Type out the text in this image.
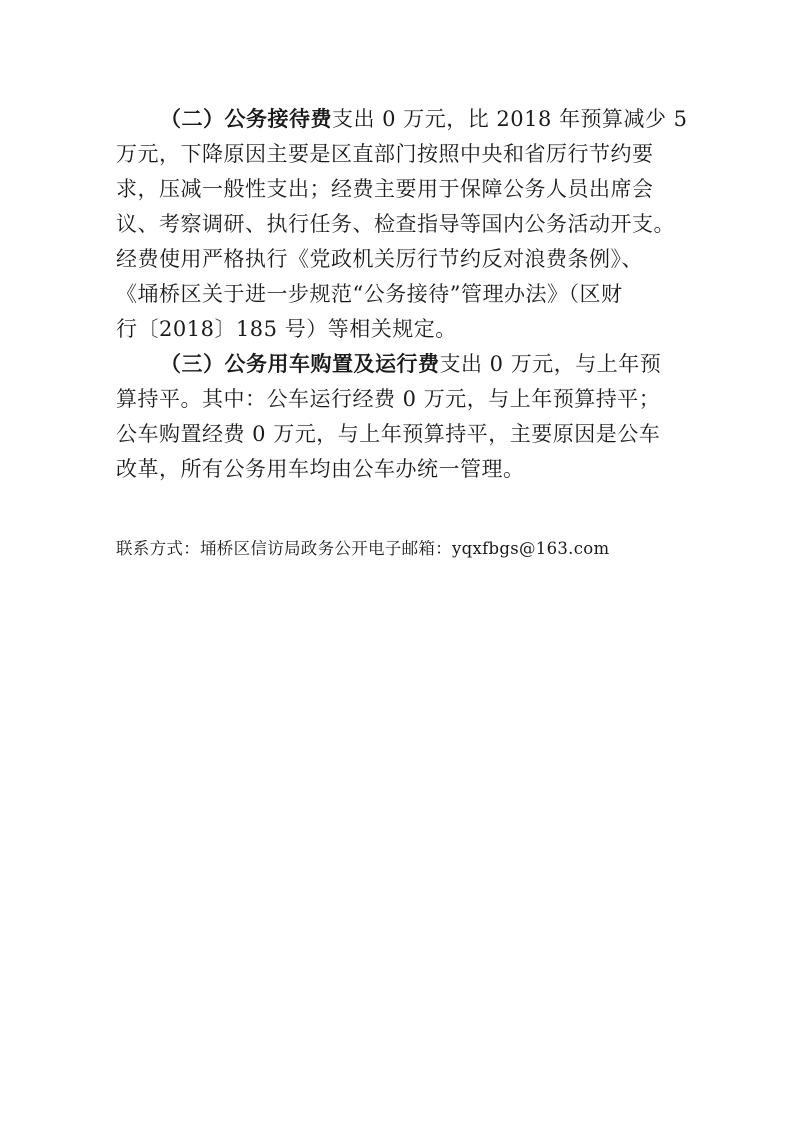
（二）公务接待费支出 0 万元，比 2018 年预算减少 5
万元，下降原因主要是区直部门按照中央和省厉行节约要
求，压减一般性支出；经费主要用于保障公务人员出席会
议、考察调研、执行任务、检查指导等国内公务活动开支。
经费使用严格执行《党政机关厉行节约反对浪费条例》、
《埇桥区关于进一步规范“公务接待”管理办法》（区财
行〔2018〕185 号）等相关规定。
（三）公务用车购置及运行费支出 0 万元，与上年预
算持平。其中：公车运行经费 0 万元，与上年预算持平；
公车购置经费 0 万元，与上年预算持平，主要原因是公车
改革，所有公务用车均由公车办统一管理。
联系方式：埇桥区信访局政务公开电子邮箱：yqxfbgs@163.com
